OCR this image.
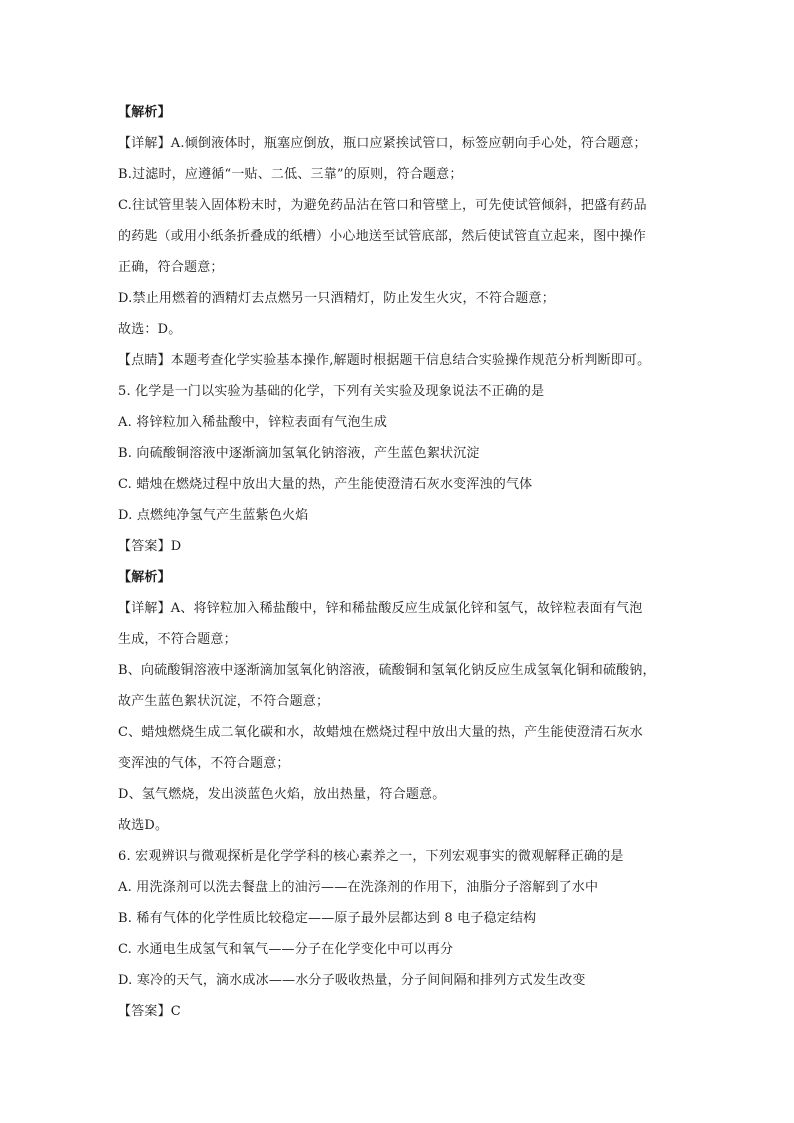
【解析】
【详解】A.倾倒液体时，瓶塞应倒放，瓶口应紧挨试管口，标签应朝向手心处，符合题意；
B.过滤时，应遵循“一贴、二低、三靠”的原则，符合题意；
C.往试管里装入固体粉末时，为避免药品沾在管口和管壁上，可先使试管倾斜，把盛有药品
的药匙（或用小纸条折叠成的纸槽）小心地送至试管底部，然后使试管直立起来，图中操作
正确，符合题意；
D.禁止用燃着的酒精灯去点燃另一只酒精灯，防止发生火灾，不符合题意；
故选：D。
【点睛】本题考查化学实验基本操作,解题时根据题干信息结合实验操作规范分析判断即可。
5. 化学是一门以实验为基础的化学，下列有关实验及现象说法不正确的是
A. 将锌粒加入稀盐酸中，锌粒表面有气泡生成
B. 向硫酸铜溶液中逐渐滴加氢氧化钠溶液，产生蓝色絮状沉淀
C. 蜡烛在燃烧过程中放出大量的热，产生能使澄清石灰水变浑浊的气体
D. 点燃纯净氢气产生蓝紫色火焰
【答案】D
【解析】
【详解】A、将锌粒加入稀盐酸中，锌和稀盐酸反应生成氯化锌和氢气，故锌粒表面有气泡
生成，不符合题意；
B、向硫酸铜溶液中逐渐滴加氢氧化钠溶液，硫酸铜和氢氧化钠反应生成氢氧化铜和硫酸钠，
故产生蓝色絮状沉淀，不符合题意；
C、蜡烛燃烧生成二氧化碳和水，故蜡烛在燃烧过程中放出大量的热，产生能使澄清石灰水
变浑浊的气体，不符合题意；
D、氢气燃烧，发出淡蓝色火焰，放出热量，符合题意。
故选D。
6. 宏观辨识与微观探析是化学学科的核心素养之一，下列宏观事实的微观解释正确的是
A. 用洗涤剂可以洗去餐盘上的油污——在洗涤剂的作用下，油脂分子溶解到了水中
B. 稀有气体的化学性质比较稳定——原子最外层都达到 8 电子稳定结构
C. 水通电生成氢气和氧气——分子在化学变化中可以再分
D. 寒冷的天气，滴水成冰——水分子吸收热量，分子间间隔和排列方式发生改变
【答案】C
